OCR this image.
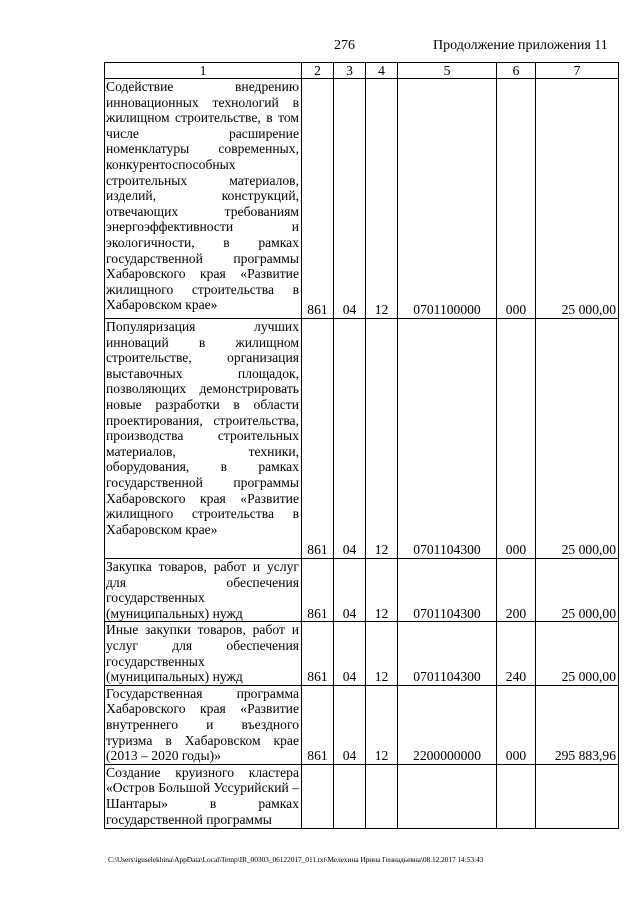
276	Продолжение приложения 11
1	2	3	4	5	6	7
Содействие внедрению инновационных технологий в жилищном строительстве, в том числе расширение номенклатуры современных, конкурентоспособных строительных материалов, изделий, конструкций, отвечающих требованиям энергоэффективности и экологичности, в рамках государственной программы Хабаровского края «Развитие жилищного строительства в Хабаровском крае»	861	04	12	0701100000	000	25 000,00
Популяризация лучших инноваций в жилищном строительстве, организация выставочных площадок, позволяющих демонстрировать новые разработки в области проектирования, строительства, производства строительных материалов, техники, оборудования, в рамках государственной программы Хабаровского края «Развитие жилищного строительства в Хабаровском крае»	861	04	12	0701104300	000	25 000,00
Закупка товаров, работ и услуг для обеспечения государственных (муниципальных) нужд	861	04	12	0701104300	200	25 000,00
Иные закупки товаров, работ и услуг для обеспечения государственных (муниципальных) нужд	861	04	12	0701104300	240	25 000,00
Государственная программа Хабаровского края «Развитие внутреннего и въездного туризма в Хабаровском крае (2013 – 2020 годы)»	861	04	12	2200000000	000	295 883,96
Создание круизного кластера «Остров Большой Уссурийский – Шантары» в рамках государственной программы						
C:\Users\iguselekhina\AppData\Local\Temp\IR_00303_06122017_011.txt\Мелехина Ирина Геннадьевна\08.12.2017 14:53:43
